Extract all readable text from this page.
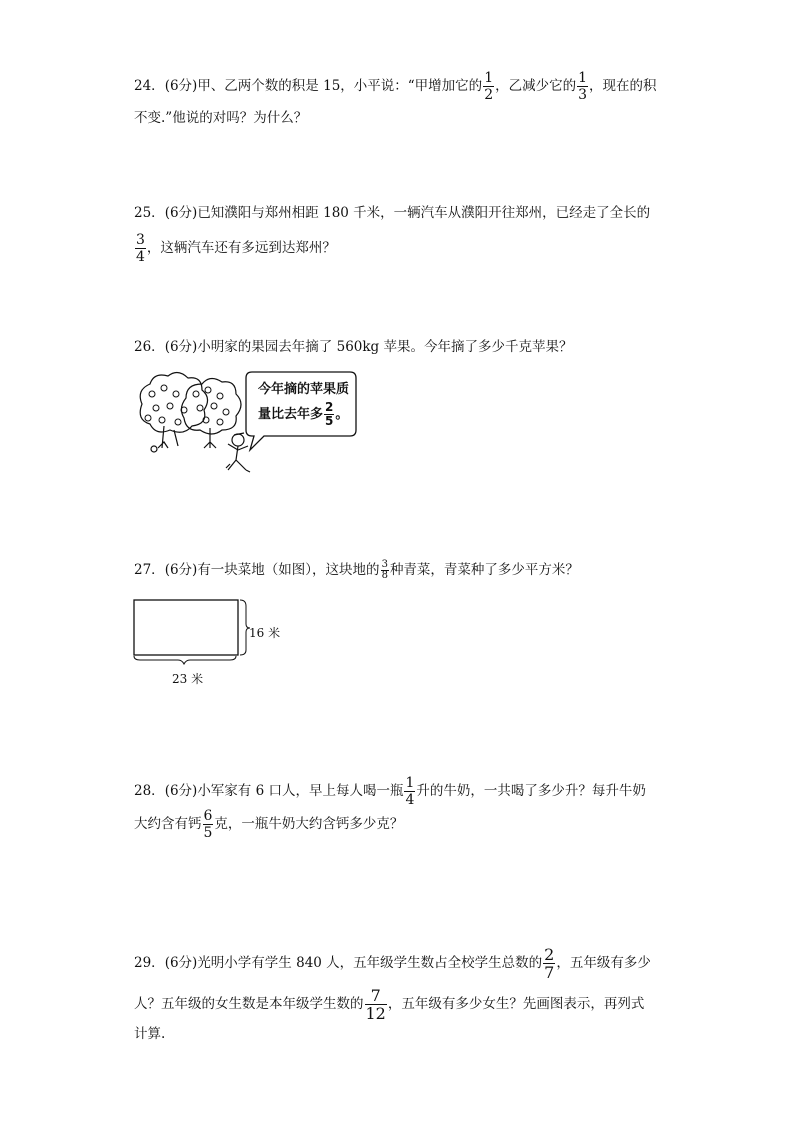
24．(6分)甲、乙两个数的积是 15，小平说：“甲增加它的 $\frac{1}{2}$ ，乙减少它的 $\frac{1}{3}$ ，现在的积
不变.”他说的对吗？为什么？
25．(6分)已知濮阳与郑州相距 180 千米，一辆汽车从濮阳开往郑州，已经走了全长的
$\frac{3}{4}$ ，这辆汽车还有多远到达郑州？
26．(6分)小明家的果园去年摘了 560kg 苹果。今年摘了多少千克苹果？
今年摘的苹果质
量比去年多 $\frac{2}{5}$ 。
27．(6分)有一块菜地（如图），这块地的 $\frac{3}{8}$ 种青菜，青菜种了多少平方米？
16 米
23 米
28．(6分)小军家有 6 口人，早上每人喝一瓶 $\frac{1}{4}$ 升的牛奶，一共喝了多少升？每升牛奶
大约含有钙 $\frac{6}{5}$ 克，一瓶牛奶大约含钙多少克？
29．(6分)光明小学有学生 840 人，五年级学生数占全校学生总数的 $\frac{2}{7}$ ，五年级有多少
人？五年级的女生数是本年级学生数的 $\frac{7}{12}$ ，五年级有多少女生？先画图表示，再列式
计算.
